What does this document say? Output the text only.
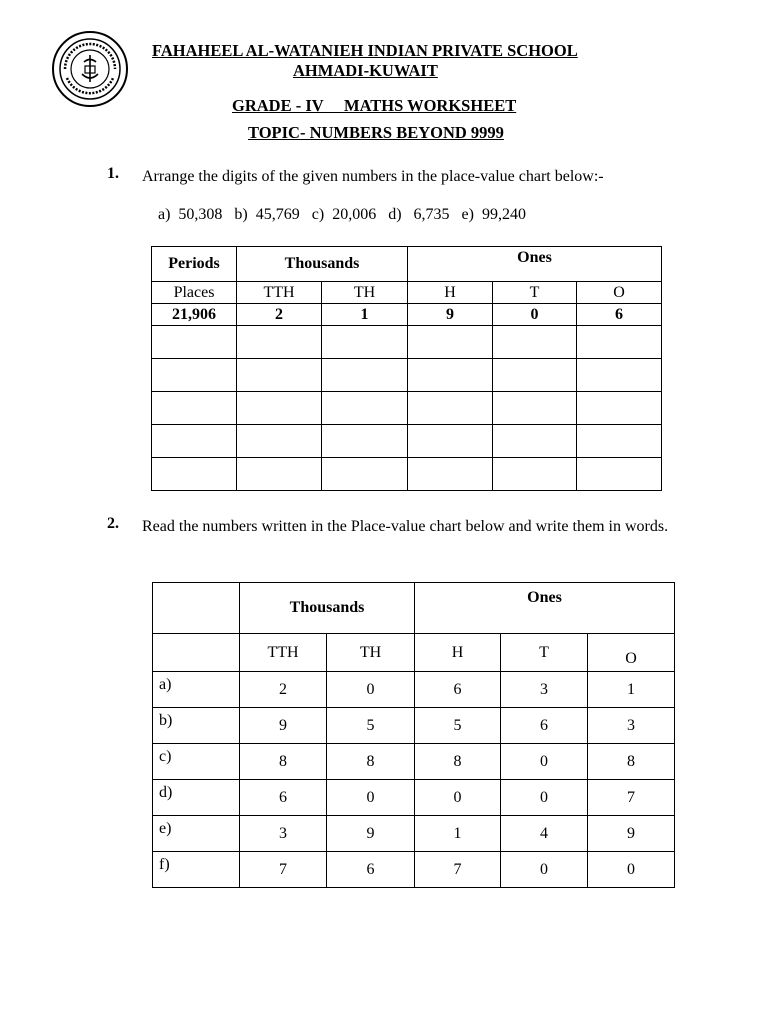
FAHAHEEL AL-WATANIEH INDIAN PRIVATE SCHOOL
AHMADI-KUWAIT
GRADE - IV     MATHS WORKSHEET
TOPIC- NUMBERS BEYOND 9999
1. Arrange the digits of the given numbers in the place-value chart below:-
a)  50,308   b)  45,769   c)  20,006   d)   6,735   e)  99,240
Periods	Thousands		Ones		
Places	TTH	TH	H	T	O
21,906	2	1	9	0	6

2. Read the numbers written in the Place-value chart below and write them in words.
	Thousands		Ones		
	TTH	TH	H	T	O
a)	2	0	6	3	1
b)	9	5	5	6	3
c)	8	8	8	0	8
d)	6	0	0	0	7
e)	3	9	1	4	9
f)	7	6	7	0	0
